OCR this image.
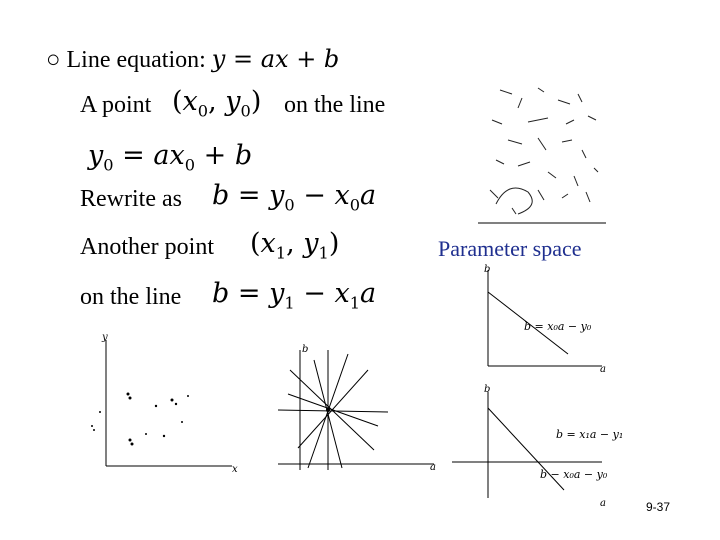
○ Line equation: y = ax + b
A point ($x_0$, $y_0$) on the line
$y_0 = ax_0 + b$
Rewrite as $b = y_0 - x_0a$
Another point ($x_1$, $y_1$)
on the line $b = y_1 - x_1a$
Parameter space
b
a
b = x₀a − y₀
b
a
b = x₁a − y₁
b − x₀a − y₀
y
x
b
a
9-37
